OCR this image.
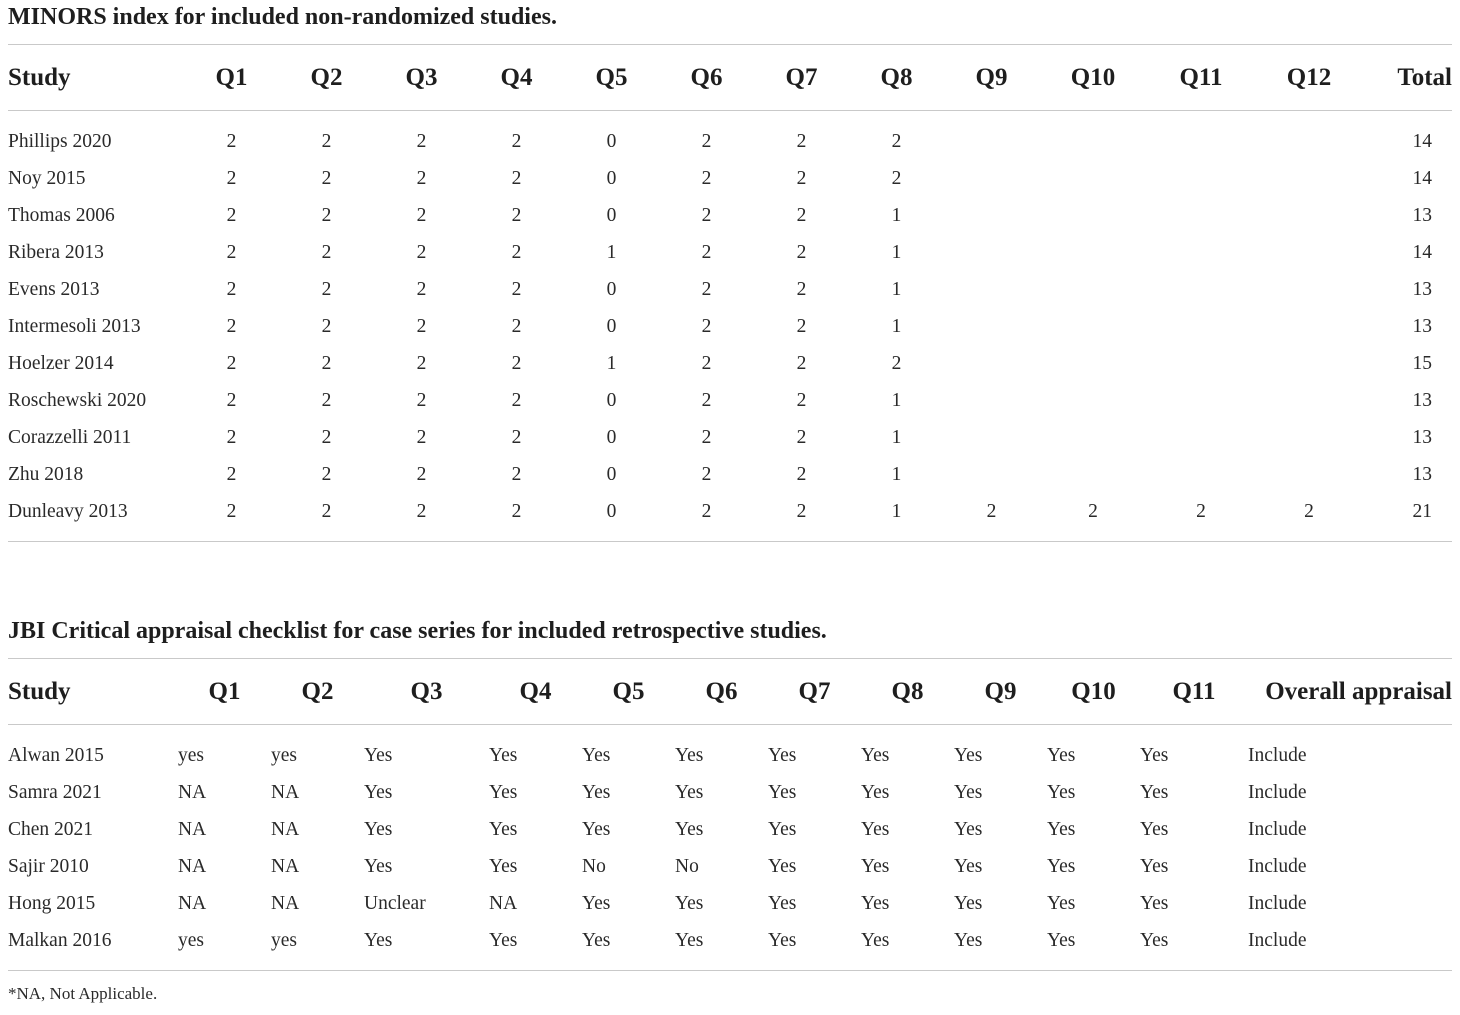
MINORS index for included non-randomized studies.

Study	Q1	Q2	Q3	Q4	Q5	Q6	Q7	Q8	Q9	Q10	Q11	Q12	Total
Phillips 2020	2	2	2	2	0	2	2	2					14
Noy 2015	2	2	2	2	0	2	2	2					14
Thomas 2006	2	2	2	2	0	2	2	1					13
Ribera 2013	2	2	2	2	1	2	2	1					14
Evens 2013	2	2	2	2	0	2	2	1					13
Intermesoli 2013	2	2	2	2	0	2	2	1					13
Hoelzer 2014	2	2	2	2	1	2	2	2					15
Roschewski 2020	2	2	2	2	0	2	2	1					13
Corazzelli 2011	2	2	2	2	0	2	2	1					13
Zhu 2018	2	2	2	2	0	2	2	1					13
Dunleavy 2013	2	2	2	2	0	2	2	1	2	2	2	2	21

JBI Critical appraisal checklist for case series for included retrospective studies.

Study	Q1	Q2	Q3	Q4	Q5	Q6	Q7	Q8	Q9	Q10	Q11	Overall appraisal
Alwan 2015	yes	yes	Yes	Yes	Yes	Yes	Yes	Yes	Yes	Yes	Yes	Include
Samra 2021	NA	NA	Yes	Yes	Yes	Yes	Yes	Yes	Yes	Yes	Yes	Include
Chen 2021	NA	NA	Yes	Yes	Yes	Yes	Yes	Yes	Yes	Yes	Yes	Include
Sajir 2010	NA	NA	Yes	Yes	No	No	Yes	Yes	Yes	Yes	Yes	Include
Hong 2015	NA	NA	Unclear	NA	Yes	Yes	Yes	Yes	Yes	Yes	Yes	Include
Malkan 2016	yes	yes	Yes	Yes	Yes	Yes	Yes	Yes	Yes	Yes	Yes	Include

*NA, Not Applicable.
